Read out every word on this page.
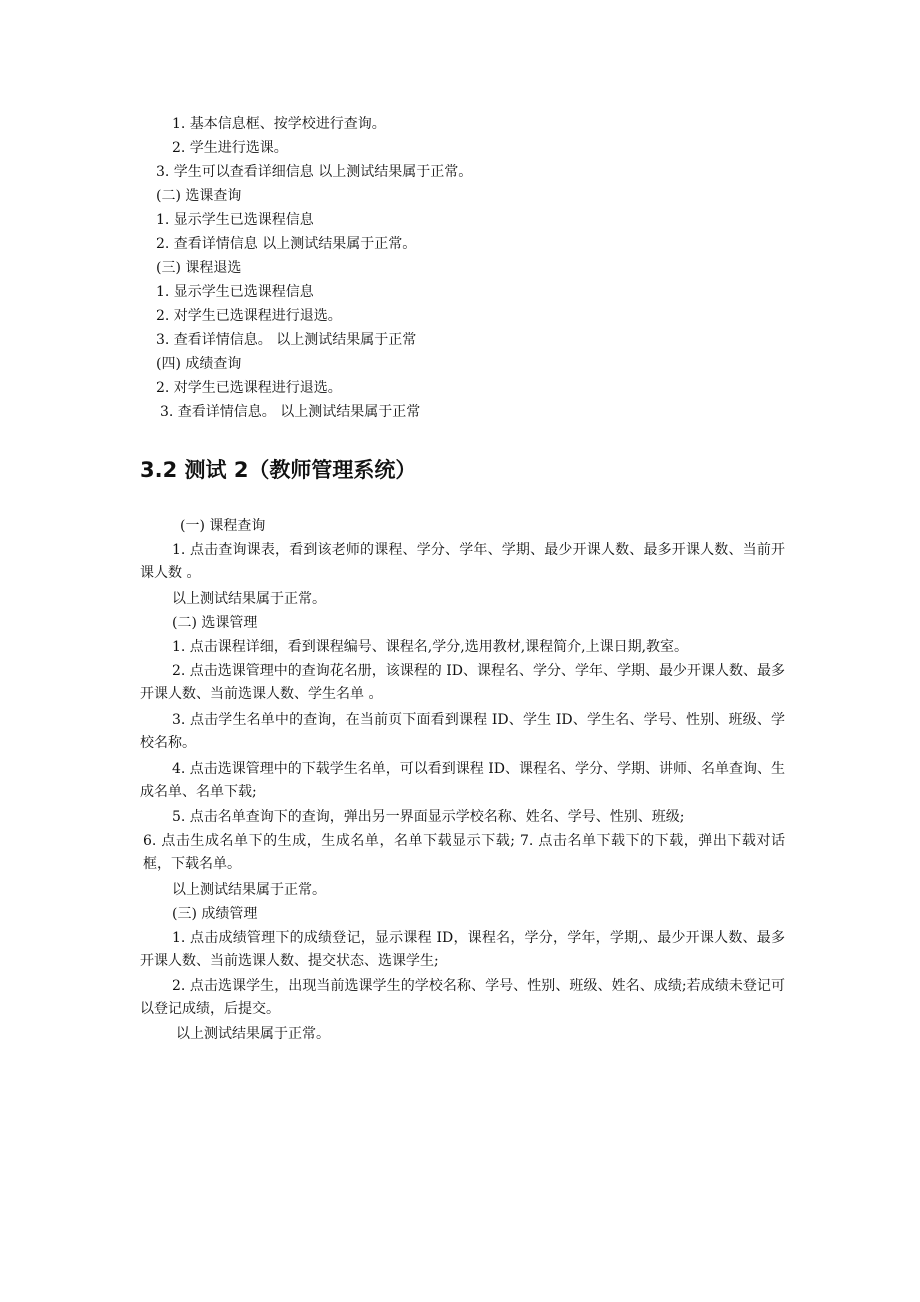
1. 基本信息框、按学校进行查询。
2. 学生进行选课。
3. 学生可以查看详细信息 以上测试结果属于正常。
(二) 选课查询
1. 显示学生已选课程信息
2. 查看详情信息 以上测试结果属于正常。
(三) 课程退选
1. 显示学生已选课程信息
2. 对学生已选课程进行退选。
3. 查看详情信息。 以上测试结果属于正常
(四) 成绩查询
2. 对学生已选课程进行退选。
3. 查看详情信息。 以上测试结果属于正常
3.2 测试 2（教师管理系统）
(一) 课程查询
1. 点击查询课表，看到该老师的课程、学分、学年、学期、最少开课人数、最多开课人数、当前开课人数 。
以上测试结果属于正常。
(二) 选课管理
1. 点击课程详细，看到课程编号、课程名,学分,选用教材,课程简介,上课日期,教室。
2. 点击选课管理中的查询花名册，该课程的 ID、课程名、学分、学年、学期、最少开课人数、最多开课人数、当前选课人数、学生名单 。
3. 点击学生名单中的查询，在当前页下面看到课程 ID、学生 ID、学生名、学号、性别、班级、学校名称。
4. 点击选课管理中的下载学生名单，可以看到课程 ID、课程名、学分、学期、讲师、名单查询、生成名单、名单下载;
5. 点击名单查询下的查询，弹出另一界面显示学校名称、姓名、学号、性别、班级;
6. 点击生成名单下的生成，生成名单，名单下载显示下载; 7. 点击名单下载下的下载，弹出下载对话框，下载名单。
以上测试结果属于正常。
(三) 成绩管理
1. 点击成绩管理下的成绩登记，显示课程 ID，课程名，学分，学年，学期,、最少开课人数、最多开课人数、当前选课人数、提交状态、选课学生;
2. 点击选课学生，出现当前选课学生的学校名称、学号、性别、班级、姓名、成绩;若成绩未登记可以登记成绩，后提交。
以上测试结果属于正常。
